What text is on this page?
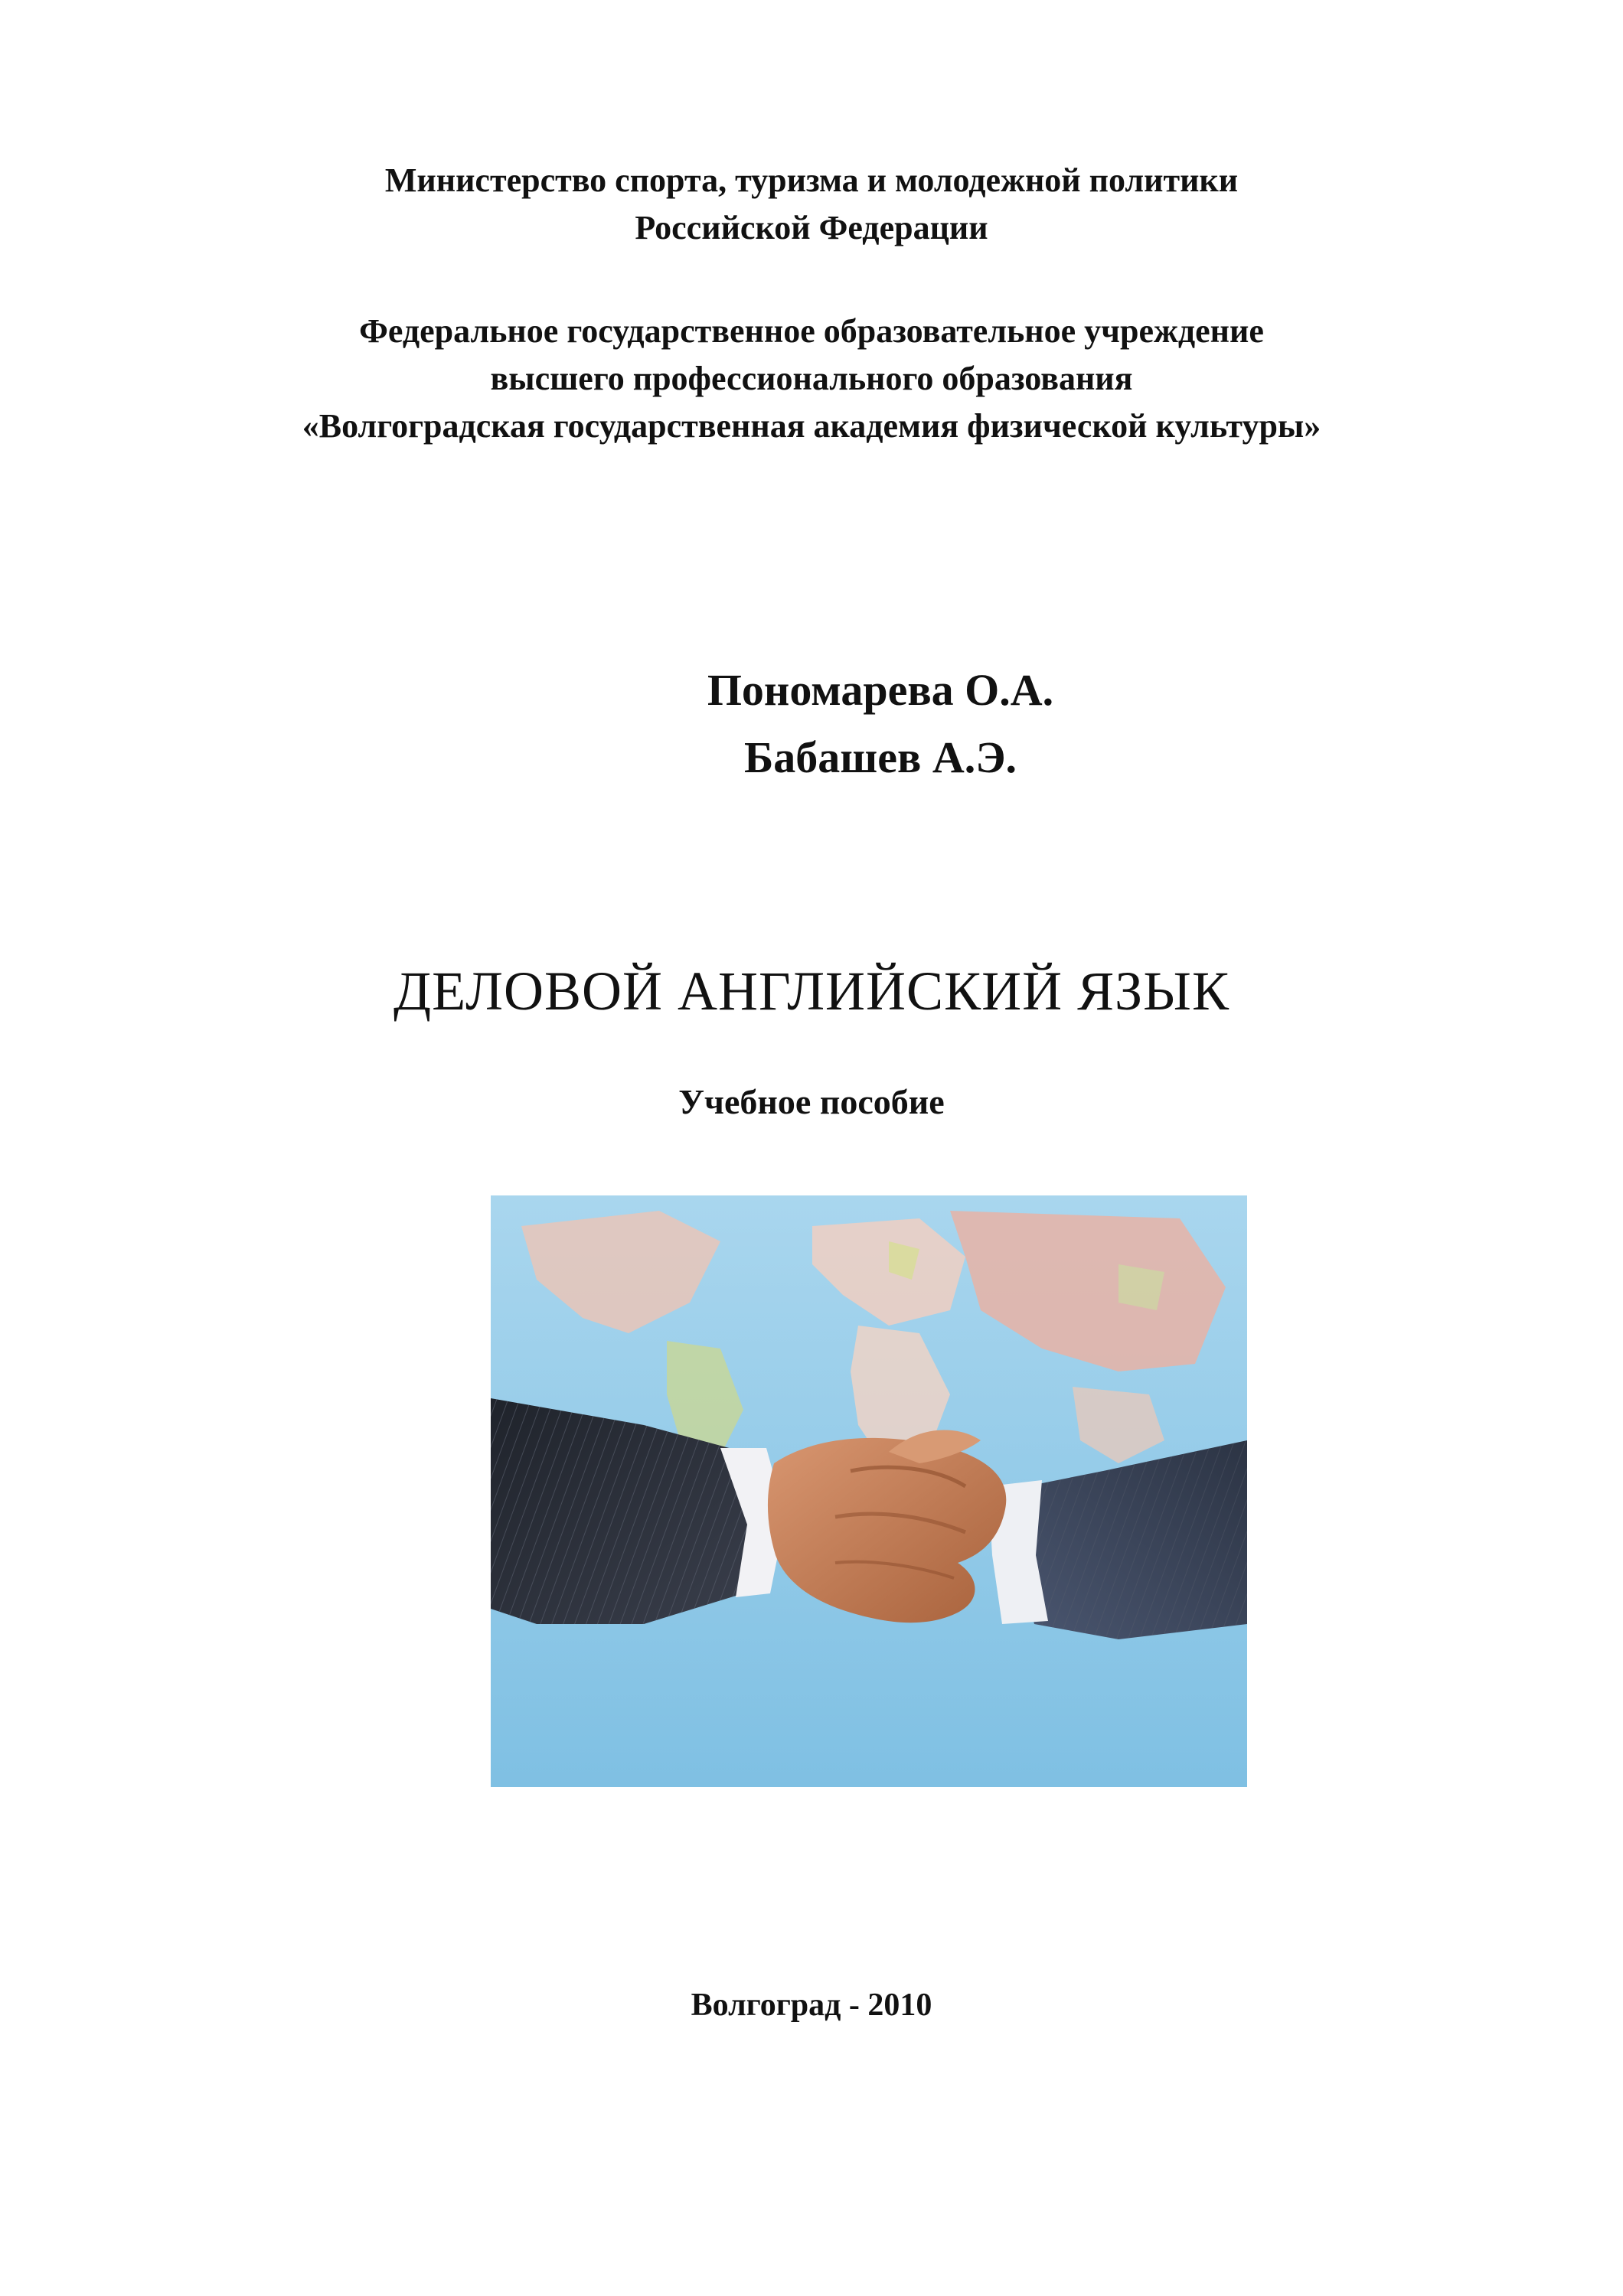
Министерство спорта, туризма и молодежной политики
Российской Федерации
Федеральное государственное образовательное учреждение
высшего профессионального образования
«Волгоградская государственная академия физической культуры»
Пономарева О.А.
Бабашев А.Э.
ДЕЛОВОЙ АНГЛИЙСКИЙ ЯЗЫК
Учебное пособие
Волгоград - 2010
